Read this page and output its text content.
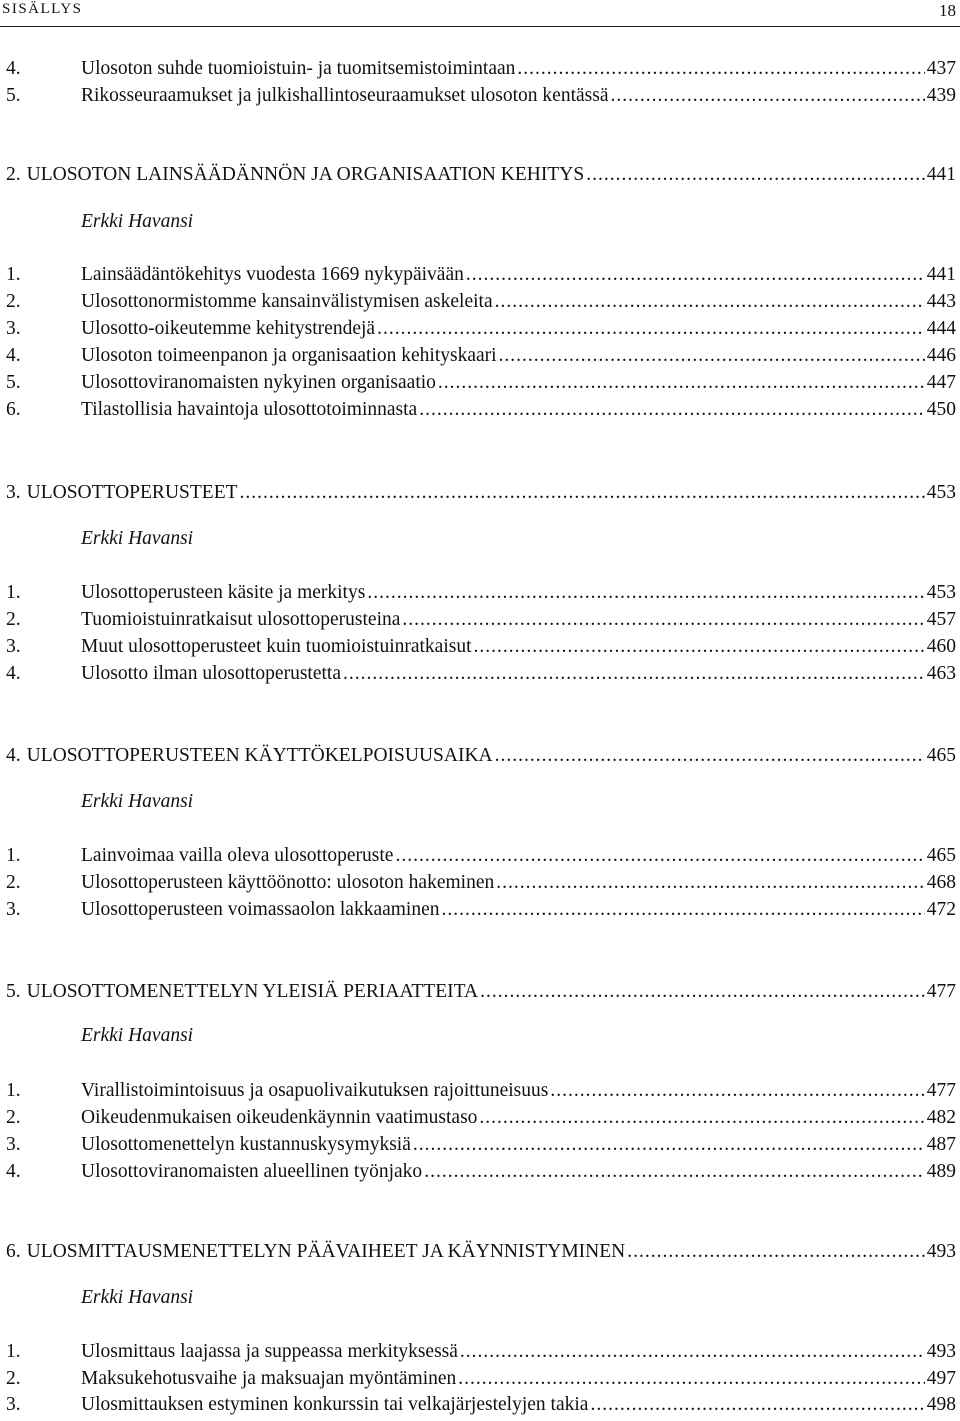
SISÄLLYS	18
4.	Ulosoton suhde tuomioistuin- ja tuomitsemistoimintaan .....	437
5.	Rikosseuraamukset ja julkishallintoseuraamukset ulosoton kentässä .....	439
2. ULOSOTON LAINSÄÄDÄNNÖN JA ORGANISAATION KEHITYS .....	441
Erkki Havansi
1.	Lainsäädäntökehitys vuodesta 1669 nykypäivään .....	441
2.	Ulosottonormistomme kansainvälistymisen askeleita .....	443
3.	Ulosotto-oikeutemme kehitystrendejä .....	444
4.	Ulosoton toimeenpanon ja organisaation kehityskaari .....	446
5.	Ulosottoviranomaisten nykyinen organisaatio .....	447
6.	Tilastollisia havaintoja ulosottotoiminnasta .....	450
3. ULOSOTTOPERUSTEET .....	453
Erkki Havansi
1.	Ulosottoperusteen käsite ja merkitys .....	453
2.	Tuomioistuinratkaisut ulosottoperusteina .....	457
3.	Muut ulosottoperusteet kuin tuomioistuinratkaisut .....	460
4.	Ulosotto ilman ulosottoperustetta .....	463
4. ULOSOTTOPERUSTEEN KÄYTTÖKELPOISUUSAIKA .....	465
Erkki Havansi
1.	Lainvoimaa vailla oleva ulosottoperuste .....	465
2.	Ulosottoperusteen käyttöönotto: ulosoton hakeminen .....	468
3.	Ulosottoperusteen voimassaolon lakkaaminen .....	472
5. ULOSOTTOMENETTELYN YLEISIÄ PERIAATTEITA .....	477
Erkki Havansi
1.	Virallistoimintoisuus ja osapuolivaikutuksen rajoittuneisuus .....	477
2.	Oikeudenmukaisen oikeudenkäynnin vaatimustaso .....	482
3.	Ulosottomenettelyn kustannuskysymyksiä .....	487
4.	Ulosottoviranomaisten alueellinen työnjako .....	489
6. ULOSMITTAUSMENETTELYN PÄÄVAIHEET JA KÄYNNISTYMINEN .....	493
Erkki Havansi
1.	Ulosmittaus laajassa ja suppeassa merkityksessä .....	493
2.	Maksukehotusvaihe ja maksuajan myöntäminen .....	497
3.	Ulosmittauksen estyminen konkurssin tai velkajärjestelyjen takia .....	498
